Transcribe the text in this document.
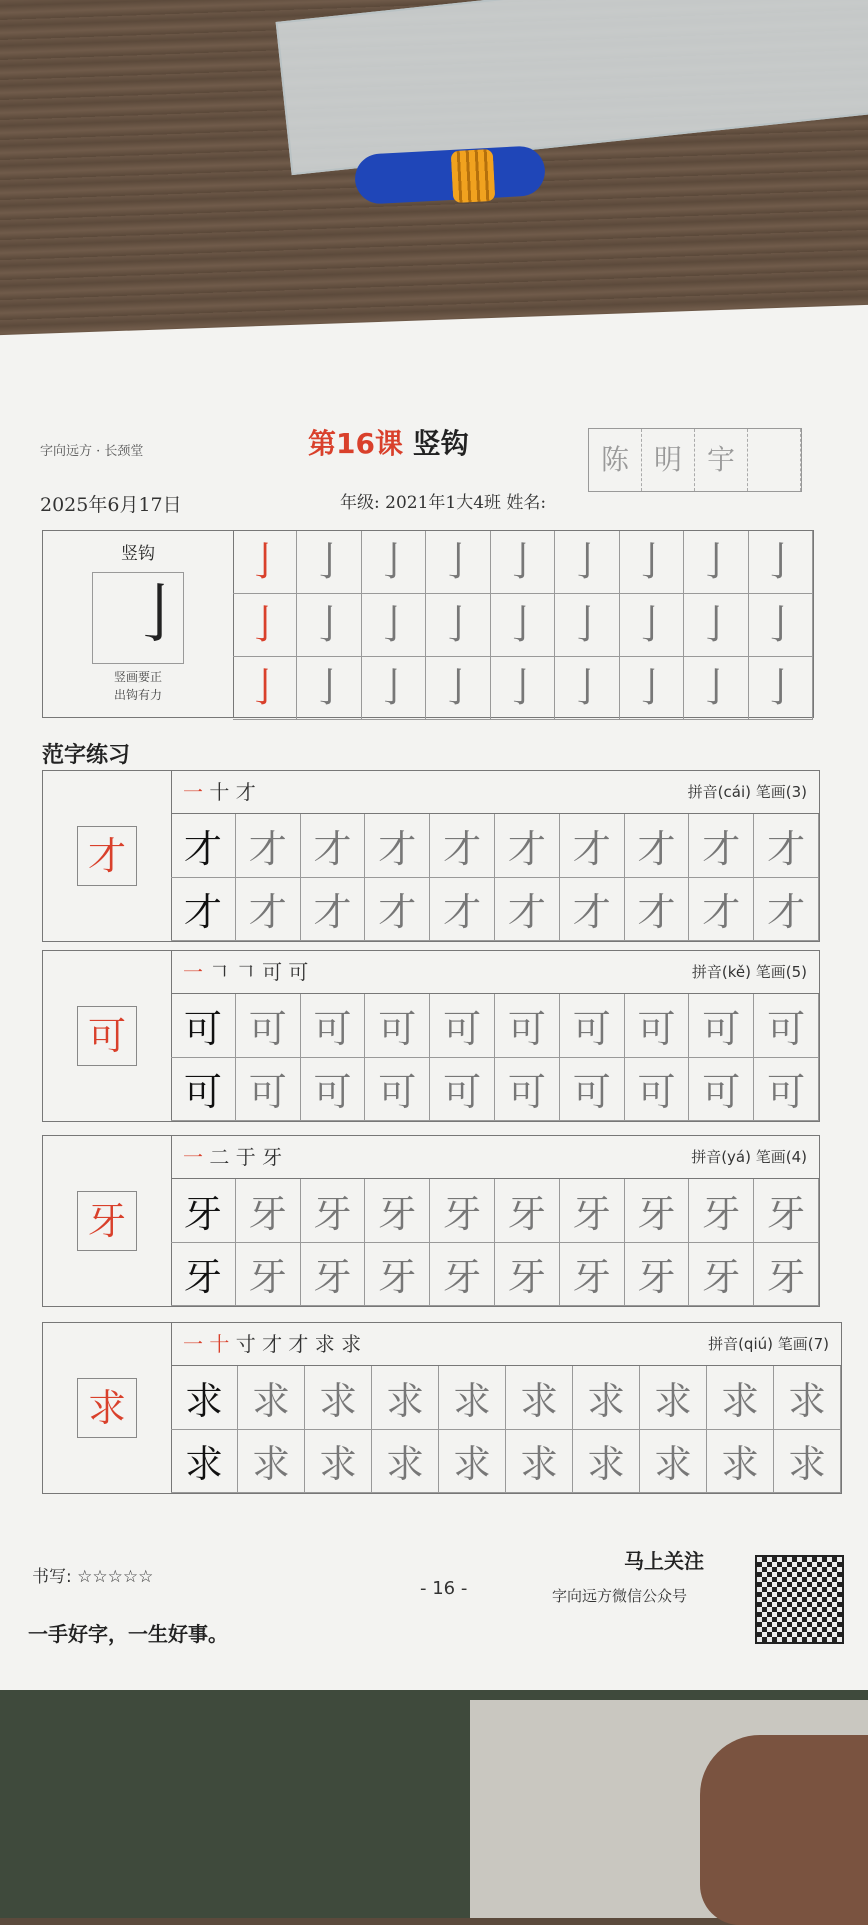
字向远方 · 长颈堂	第16课 竖钩	陈 明 宇
2025年6月17日	年级: 2021年1大4班 姓名:
竖钩
亅
竖画要正
出钩有力
亅 亅 亅 亅 亅 亅 亅 亅 亅
亅 亅 亅 亅 亅 亅 亅 亅 亅
亅 亅 亅 亅 亅 亅 亅 亅 亅
范字练习
才
一 十 才	拼音(cái) 笔画(3)
才 才 才 才 才 才 才 才 才 才
才 才 才 才 才 才 才 才 才 才
可
一 𠃍 𠃍 可 可	拼音(kě) 笔画(5)
可 可 可 可 可 可 可 可 可 可
可 可 可 可 可 可 可 可 可 可
牙
一 二 于 牙	拼音(yá) 笔画(4)
牙 牙 牙 牙 牙 牙 牙 牙 牙 牙
牙 牙 牙 牙 牙 牙 牙 牙 牙 牙
求
一 十 寸 才 才 求 求	拼音(qiú) 笔画(7)
求 求 求 求 求 求 求 求 求 求
求 求 求 求 求 求 求 求 求 求
书写: ☆☆☆☆☆
一手好字，一生好事。
- 16 -
马上关注
字向远方微信公众号
